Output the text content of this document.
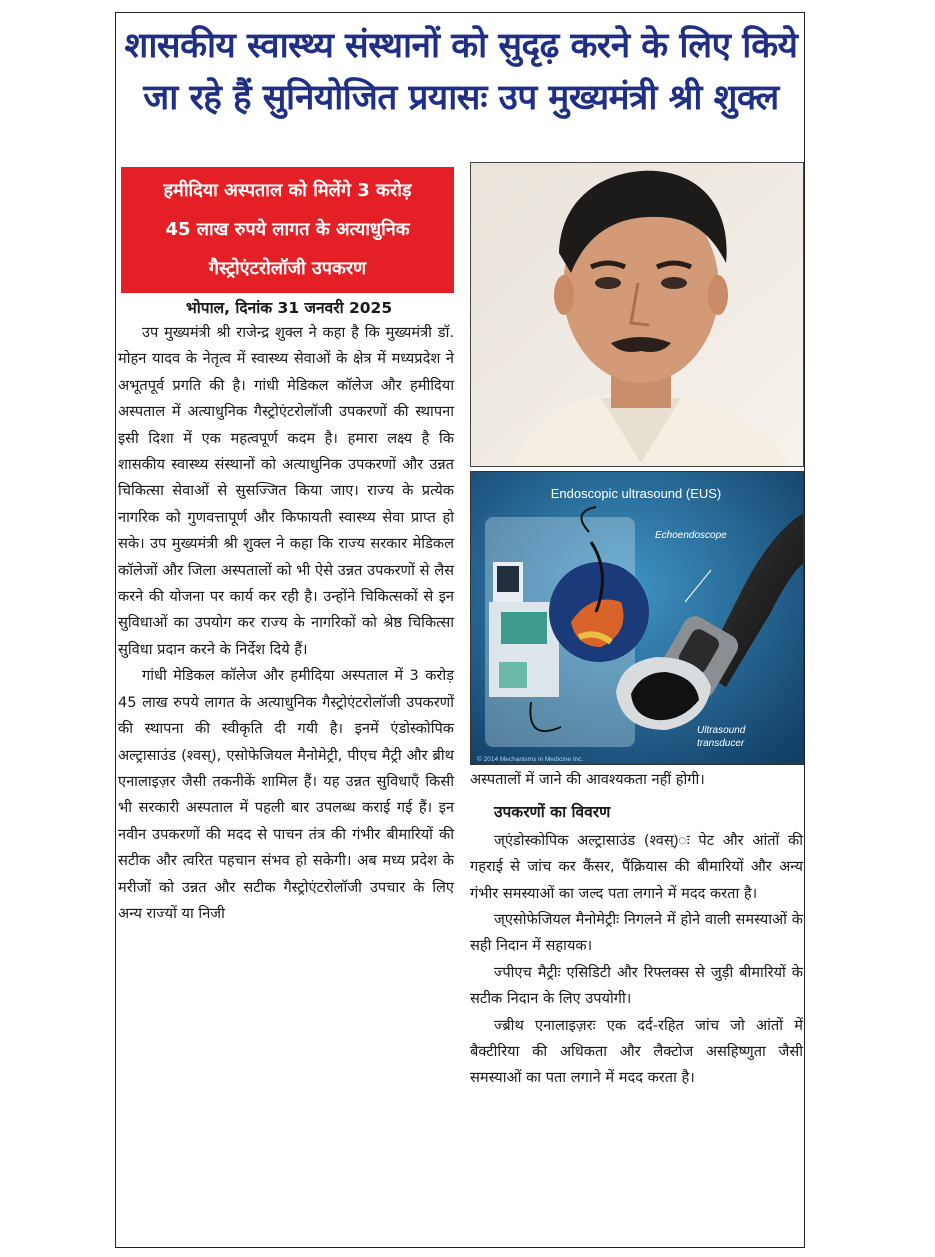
शासकीय स्वास्थ्य संस्थानों को सुदृढ़ करने के लिए किये
जा रहे हैं सुनियोजित प्रयासः उप मुख्यमंत्री श्री शुक्ल
हमीदिया अस्पताल को मिलेंगे 3 करोड़
45 लाख रुपये लागत के अत्याधुनिक
गैस्ट्रोएंटरोलॉजी उपकरण
भोपाल, दिनांक 31 जनवरी 2025

उप मुख्यमंत्री श्री राजेन्द्र शुक्ल ने कहा है कि मुख्यमंत्री डॉ. मोहन यादव के नेतृत्व में स्वास्थ्य सेवाओं के क्षेत्र में मध्यप्रदेश ने अभूतपूर्व प्रगति की है। गांधी मेडिकल कॉलेज और हमीदिया अस्पताल में अत्याधुनिक गैस्ट्रोएंटरोलॉजी उपकरणों की स्थापना इसी दिशा में एक महत्वपूर्ण कदम है। हमारा लक्ष्य है कि शासकीय स्वास्थ्य संस्थानों को अत्याधुनिक उपकरणों और उन्नत चिकित्सा सेवाओं से सुसज्जित किया जाए। राज्य के प्रत्येक नागरिक को गुणवत्तापूर्ण और किफायती स्वास्थ्य सेवा प्राप्त हो सके। उप मुख्यमंत्री श्री शुक्ल ने कहा कि राज्य सरकार मेडिकल कॉलेजों और जिला अस्पतालों को भी ऐसे उन्नत उपकरणों से लैस करने की योजना पर कार्य कर रही है। उन्होंने चिकित्सकों से इन सुविधाओं का उपयोग कर राज्य के नागरिकों को श्रेष्ठ चिकित्सा सुविधा प्रदान करने के निर्देश दिये हैं।

गांधी मेडिकल कॉलेज और हमीदिया अस्पताल में 3 करोड़ 45 लाख रुपये लागत के अत्याधुनिक गैस्ट्रोएंटरोलॉजी उपकरणों की स्थापना की स्वीकृति दी गयी है। इनमें एंडोस्कोपिक अल्ट्रासाउंड (श्वस्), एसोफेजियल मैनोमेट्री, पीएच मैट्री और ब्रीथ एनालाइज़र जैसी तकनीकें शामिल हैं। यह उन्नत सुविधाएँ किसी भी सरकारी अस्पताल में पहली बार उपलब्ध कराई गई हैं। इन नवीन उपकरणों की मदद से पाचन तंत्र की गंभीर बीमारियों की सटीक और त्वरित पहचान संभव हो सकेगी। अब मध्य प्रदेश के मरीजों को उन्नत और सटीक गैस्ट्रोएंटरोलॉजी उपचार के लिए अन्य राज्यों या निजी

Endoscopic ultrasound (EUS)
Echoendoscope
Ultrasound
transducer
© 2014 Mechanisms in Medicine Inc.

अस्पतालों में जाने की आवश्यकता नहीं होगी।

उपकरणों का विवरण

ज्एंडोस्कोपिक अल्ट्रासाउंड (श्वस्)ः पेट और आंतों की गहराई से जांच कर कैंसर, पैंक्रियास की बीमारियों और अन्य गंभीर समस्याओं का जल्द पता लगाने में मदद करता है।

ज्एसोफेजियल मैनोमेट्रीः निगलने में होने वाली समस्याओं के सही निदान में सहायक।

ज्पीएच मैट्रीः एसिडिटी और रिफ्लक्स से जुड़ी बीमारियों के सटीक निदान के लिए उपयोगी।

ज्ब्रीथ एनालाइज़रः एक दर्द-रहित जांच जो आंतों में बैक्टीरिया की अधिकता और लैक्टोज असहिष्णुता जैसी समस्याओं का पता लगाने में मदद करता है।
